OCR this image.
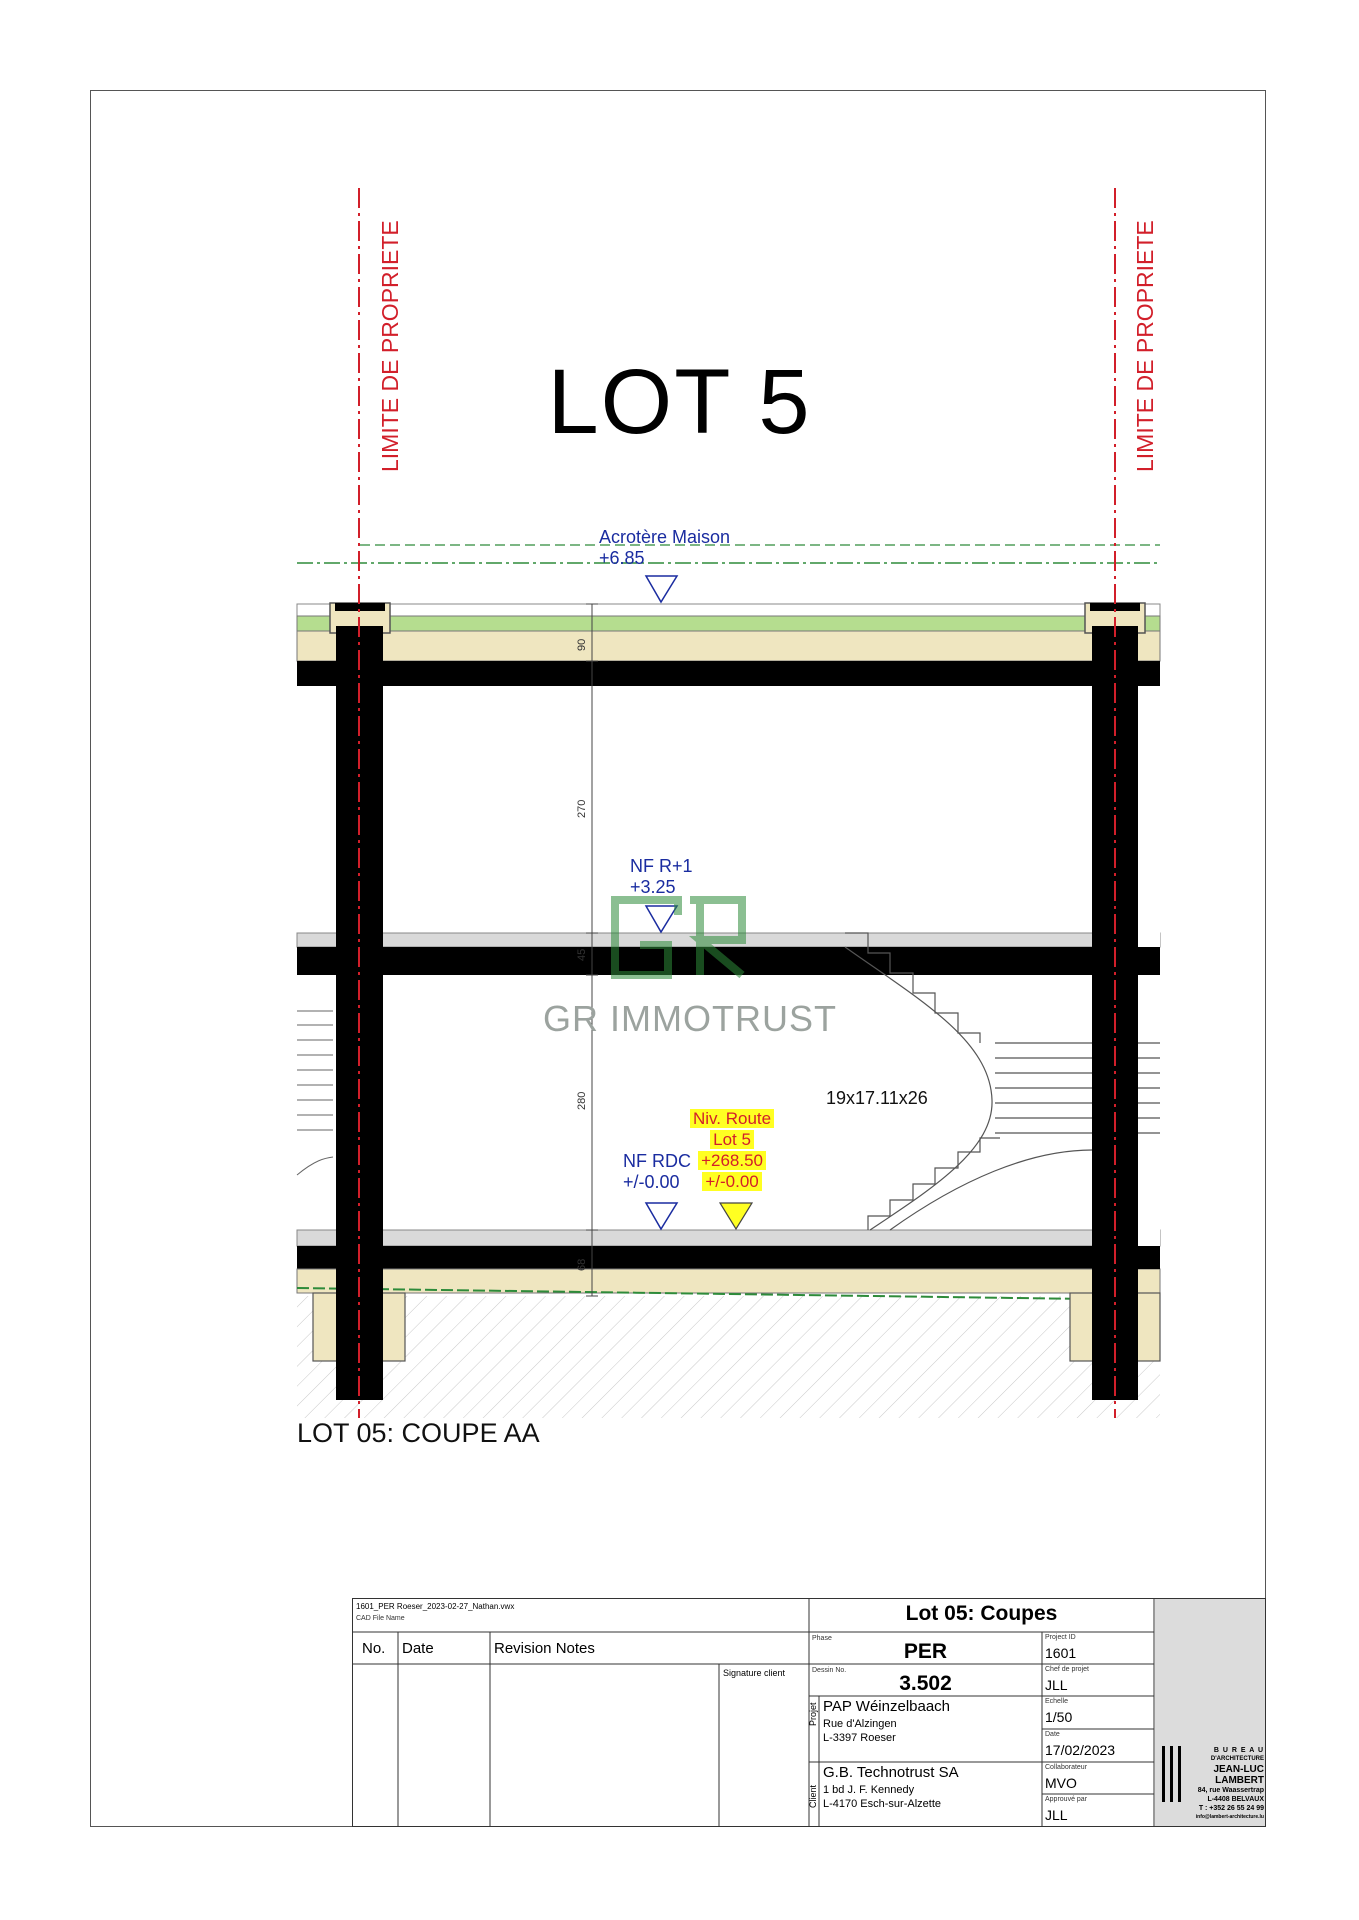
LOT 5
LIMITE DE PROPRIETE	LIMITE DE PROPRIETE
Acrotère Maison
+6.85
NF R+1
+3.25
NF RDC
+/-0.00
Niv. Route
Lot 5
+268.50
+/-0.00
90
270
45
280
68
19x17.11x26
GR IMMOTRUST
LOT 05: COUPE AA
1601_PER Roeser_2023-02-27_Nathan.vwx
CAD File Name
No. Date	Revision Notes
Signature client
Lot 05: Coupes
Phase
PER
Dessin No.
3.502
Projet PAP Wéinzelbaach
Rue d'Alzingen
L-3397 Roeser
Client
G.B. Technotrust SA
1 bd J. F. Kennedy
L-4170 Esch-sur-Alzette
Project ID
1601
Chef de projet
JLL
Echelle
1/50
Date
17/02/2023
Collaborateur
MVO
Approuvé par
JLL
B U R E A U
D'ARCHITECTURE
JEAN-LUC
LAMBERT
84, rue Waassertrap
L-4408 BELVAUX
T : +352 26 55 24 99
info@lambert-architecture.lu
